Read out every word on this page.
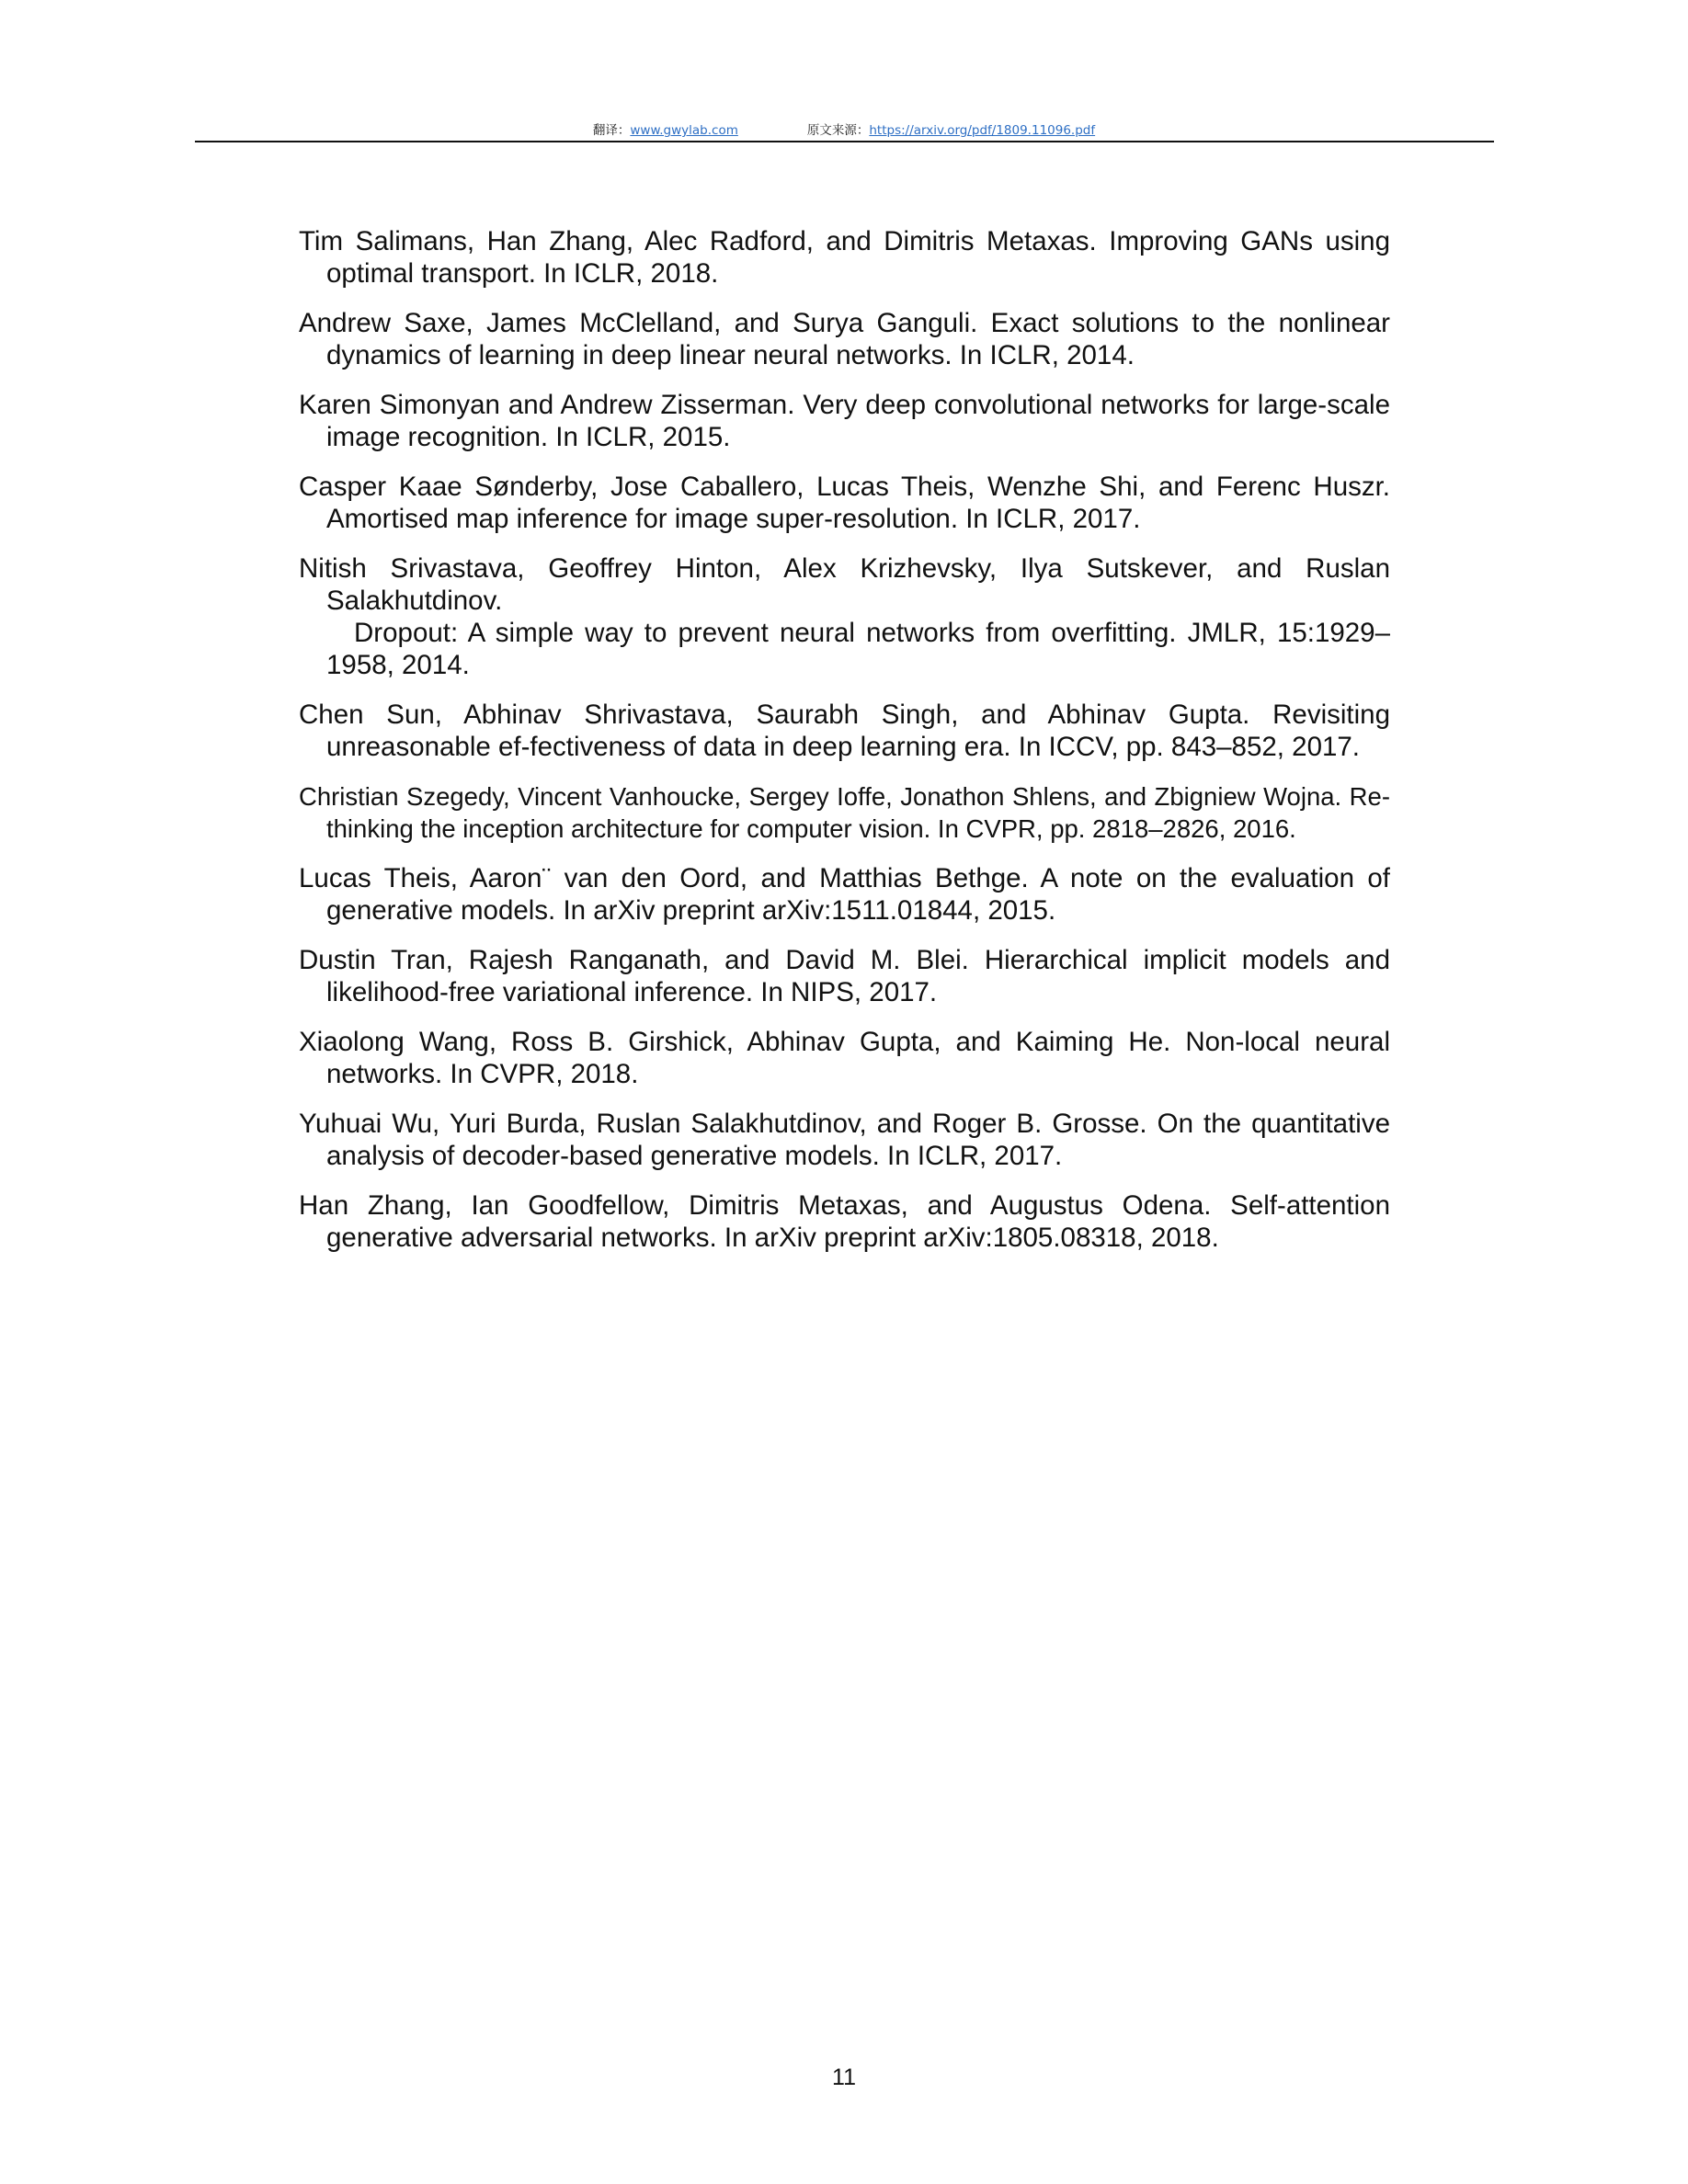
翻译：www.gwylab.com	原文来源：https://arxiv.org/pdf/1809.11096.pdf

Tim Salimans, Han Zhang, Alec Radford, and Dimitris Metaxas. Improving GANs using optimal transport. In ICLR, 2018.

Andrew Saxe, James McClelland, and Surya Ganguli. Exact solutions to the nonlinear dynamics of learning in deep linear neural networks. In ICLR, 2014.

Karen Simonyan and Andrew Zisserman. Very deep convolutional networks for large-scale image recognition. In ICLR, 2015.

Casper Kaae Sønderby, Jose Caballero, Lucas Theis, Wenzhe Shi, and Ferenc Huszr. Amortised map inference for image super-resolution. In ICLR, 2017.

Nitish Srivastava, Geoffrey Hinton, Alex Krizhevsky, Ilya Sutskever, and Ruslan Salakhutdinov.
Dropout: A simple way to prevent neural networks from overfitting. JMLR, 15:1929–1958, 2014.

Chen Sun, Abhinav Shrivastava, Saurabh Singh, and Abhinav Gupta. Revisiting unreasonable ef-fectiveness of data in deep learning era. In ICCV, pp. 843–852, 2017.

Christian Szegedy, Vincent Vanhoucke, Sergey Ioffe, Jonathon Shlens, and Zbigniew Wojna. Re-thinking the inception architecture for computer vision. In CVPR, pp. 2818–2826, 2016.

Lucas Theis, Aaron¨ van den Oord, and Matthias Bethge. A note on the evaluation of generative models. In arXiv preprint arXiv:1511.01844, 2015.

Dustin Tran, Rajesh Ranganath, and David M. Blei. Hierarchical implicit models and likelihood-free variational inference. In NIPS, 2017.

Xiaolong Wang, Ross B. Girshick, Abhinav Gupta, and Kaiming He. Non-local neural networks. In CVPR, 2018.

Yuhuai Wu, Yuri Burda, Ruslan Salakhutdinov, and Roger B. Grosse. On the quantitative analysis of decoder-based generative models. In ICLR, 2017.

Han Zhang, Ian Goodfellow, Dimitris Metaxas, and Augustus Odena. Self-attention generative adversarial networks. In arXiv preprint arXiv:1805.08318, 2018.

11
